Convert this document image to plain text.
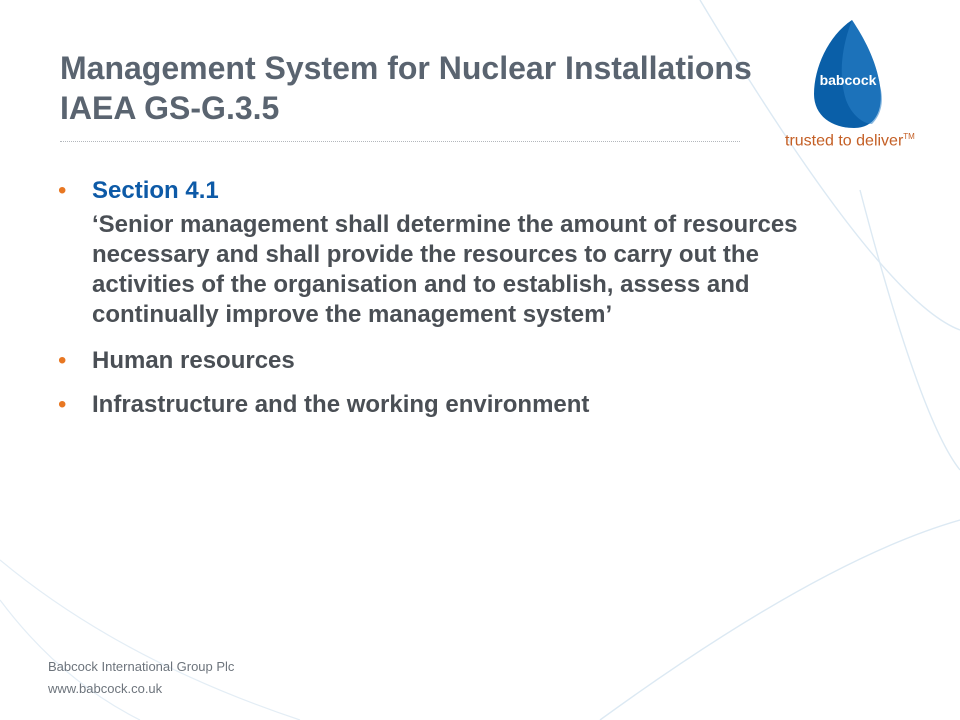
Management System for Nuclear Installations IAEA GS-G.3.5
babcock
trusted to deliver™
• Section 4.1

‘Senior management shall determine the amount of resources necessary and shall provide the resources to carry out the activities of the organisation and to establish, assess and continually improve the management system’

• Human resources
• Infrastructure and the working environment
Babcock International Group Plc
www.babcock.co.uk
